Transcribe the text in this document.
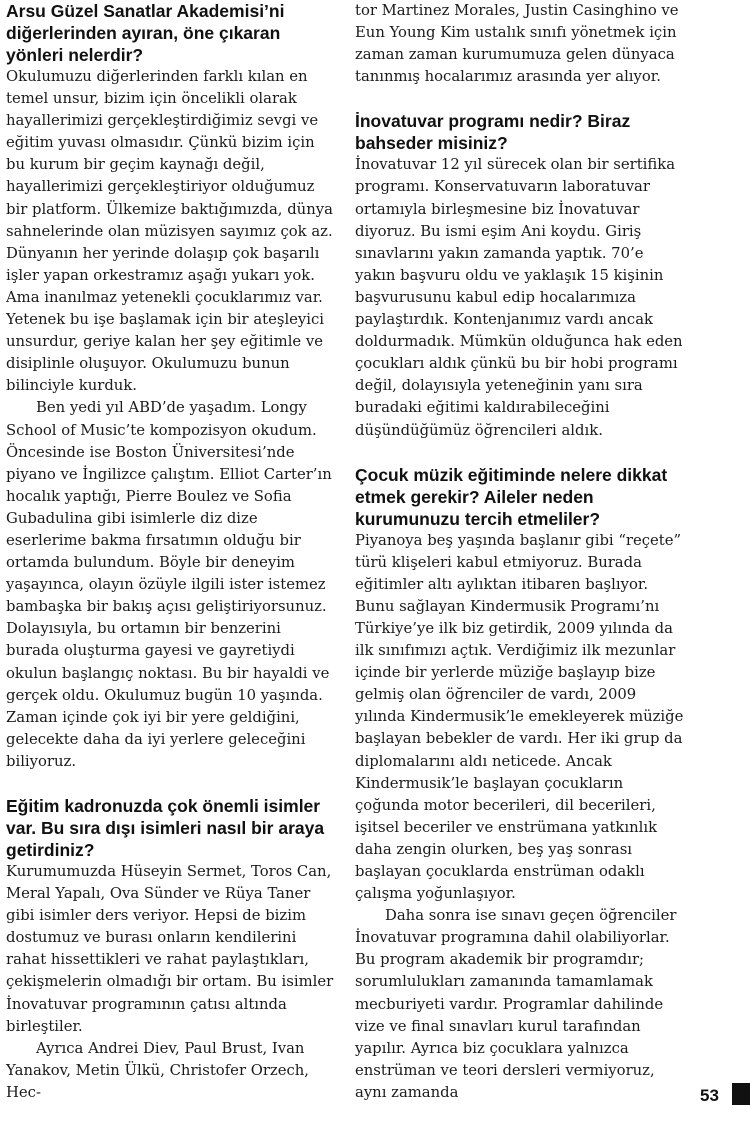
Arsu Güzel Sanatlar Akademisi’ni diğerlerinden ayıran, öne çıkaran yönleri nelerdir?

Okulumuzu diğerlerinden farklı kılan en temel unsur, bizim için öncelikli olarak hayallerimizi gerçekleştirdiğimiz sevgi ve eğitim yuvası olmasıdır. Çünkü bizim için bu kurum bir geçim kaynağı değil, hayallerimizi gerçekleştiriyor olduğumuz bir platform. Ülkemize baktığımızda, dünya sahnelerinde olan müzisyen sayımız çok az. Dünyanın her yerinde dolaşıp çok başarılı işler yapan orkestramız aşağı yukarı yok. Ama inanılmaz yetenekli çocuklarımız var. Yetenek bu işe başlamak için bir ateşleyici unsurdur, geriye kalan her şey eğitimle ve disiplinle oluşuyor. Okulumuzu bunun bilinciyle kurduk.

Ben yedi yıl ABD’de yaşadım. Longy School of Music’te kompozisyon okudum. Öncesinde ise Boston Üniversitesi’nde piyano ve İngilizce çalıştım. Elliot Carter’ın hocalık yaptığı, Pierre Boulez ve Sofia Gubadulina gibi isimlerle diz dize eserlerime bakma fırsatımın olduğu bir ortamda bulundum. Böyle bir deneyim yaşayınca, olayın özüyle ilgili ister istemez bambaşka bir bakış açısı geliştiriyorsunuz. Dolayısıyla, bu ortamın bir benzerini burada oluşturma gayesi ve gayretiydi okulun başlangıç noktası. Bu bir hayaldi ve gerçek oldu. Okulumuz bugün 10 yaşında. Zaman içinde çok iyi bir yere geldiğini, gelecekte daha da iyi yerlere geleceğini biliyoruz.

Eğitim kadronuzda çok önemli isimler var. Bu sıra dışı isimleri nasıl bir araya getirdiniz?

Kurumumuzda Hüseyin Sermet, Toros Can, Meral Yapalı, Ova Sünder ve Rüya Taner gibi isimler ders veriyor. Hepsi de bizim dostumuz ve burası onların kendilerini rahat hissettikleri ve rahat paylaştıkları, çekişmelerin olmadığı bir ortam. Bu isimler İnovatuvar programının çatısı altında birleştiler.

Ayrıca Andrei Diev, Paul Brust, Ivan Yanakov, Metin Ülkü, Christofer Orzech, Hec-

tor Martinez Morales, Justin Casinghino ve Eun Young Kim ustalık sınıfı yönetmek için zaman zaman kurumumuza gelen dünyaca tanınmış hocalarımız arasında yer alıyor.

İnovatuvar programı nedir? Biraz bahseder misiniz?

İnovatuvar 12 yıl sürecek olan bir sertifika programı. Konservatuvarın laboratuvar ortamıyla birleşmesine biz İnovatuvar diyoruz. Bu ismi eşim Ani koydu. Giriş sınavlarını yakın zamanda yaptık. 70’e yakın başvuru oldu ve yaklaşık 15 kişinin başvurusunu kabul edip hocalarımıza paylaştırdık. Kontenjanımız vardı ancak doldurmadık. Mümkün olduğunca hak eden çocukları aldık çünkü bu bir hobi programı değil, dolayısıyla yeteneğinin yanı sıra buradaki eğitimi kaldırabileceğini düşündüğümüz öğrencileri aldık.

Çocuk müzik eğitiminde nelere dikkat etmek gerekir? Aileler neden kurumunuzu tercih etmeliler?

Piyanoya beş yaşında başlanır gibi “reçete” türü klişeleri kabul etmiyoruz. Burada eğitimler altı aylıktan itibaren başlıyor. Bunu sağlayan Kindermusik Programı’nı Türkiye’ye ilk biz getirdik, 2009 yılında da ilk sınıfımızı açtık. Verdiğimiz ilk mezunlar içinde bir yerlerde müziğe başlayıp bize gelmiş olan öğrenciler de vardı, 2009 yılında Kindermusik’le emekleyerek müziğe başlayan bebekler de vardı. Her iki grup da diplomalarını aldı neticede. Ancak Kindermusik’le başlayan çocukların çoğunda motor becerileri, dil becerileri, işitsel beceriler ve enstrümana yatkınlık daha zengin olurken, beş yaş sonrası başlayan çocuklarda enstrüman odaklı çalışma yoğunlaşıyor.

Daha sonra ise sınavı geçen öğrenciler İnovatuvar programına dahil olabiliyorlar. Bu program akademik bir programdır; sorumlulukları zamanında tamamlamak mecburiyeti vardır. Programlar dahilinde vize ve final sınavları kurul tarafından yapılır. Ayrıca biz çocuklara yalnızca enstrüman ve teori dersleri vermiyoruz, aynı zamanda	53
